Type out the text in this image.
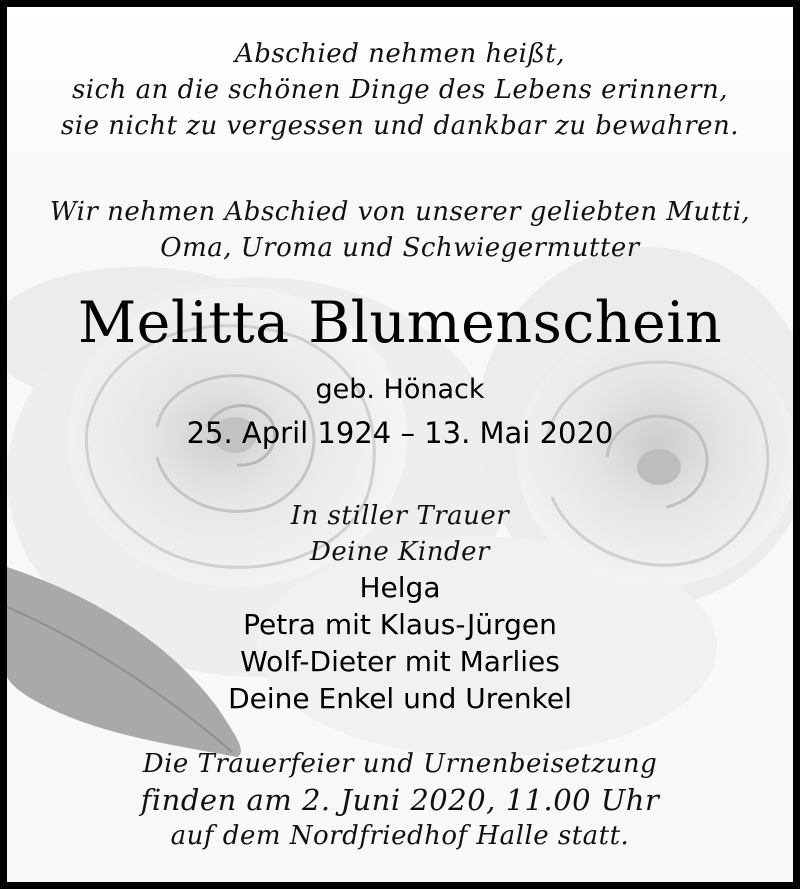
Abschied nehmen heißt,
sich an die schönen Dinge des Lebens erinnern,
sie nicht zu vergessen und dankbar zu bewahren.
Wir nehmen Abschied von unserer geliebten Mutti,
Oma, Uroma und Schwiegermutter
Melitta Blumenschein
geb. Hönack
25. April 1924 – 13. Mai 2020
In stiller Trauer
Deine Kinder
Helga
Petra mit Klaus-Jürgen
Wolf-Dieter mit Marlies
Deine Enkel und Urenkel
Die Trauerfeier und Urnenbeisetzung
finden am 2. Juni 2020, 11.00 Uhr
auf dem Nordfriedhof Halle statt.
